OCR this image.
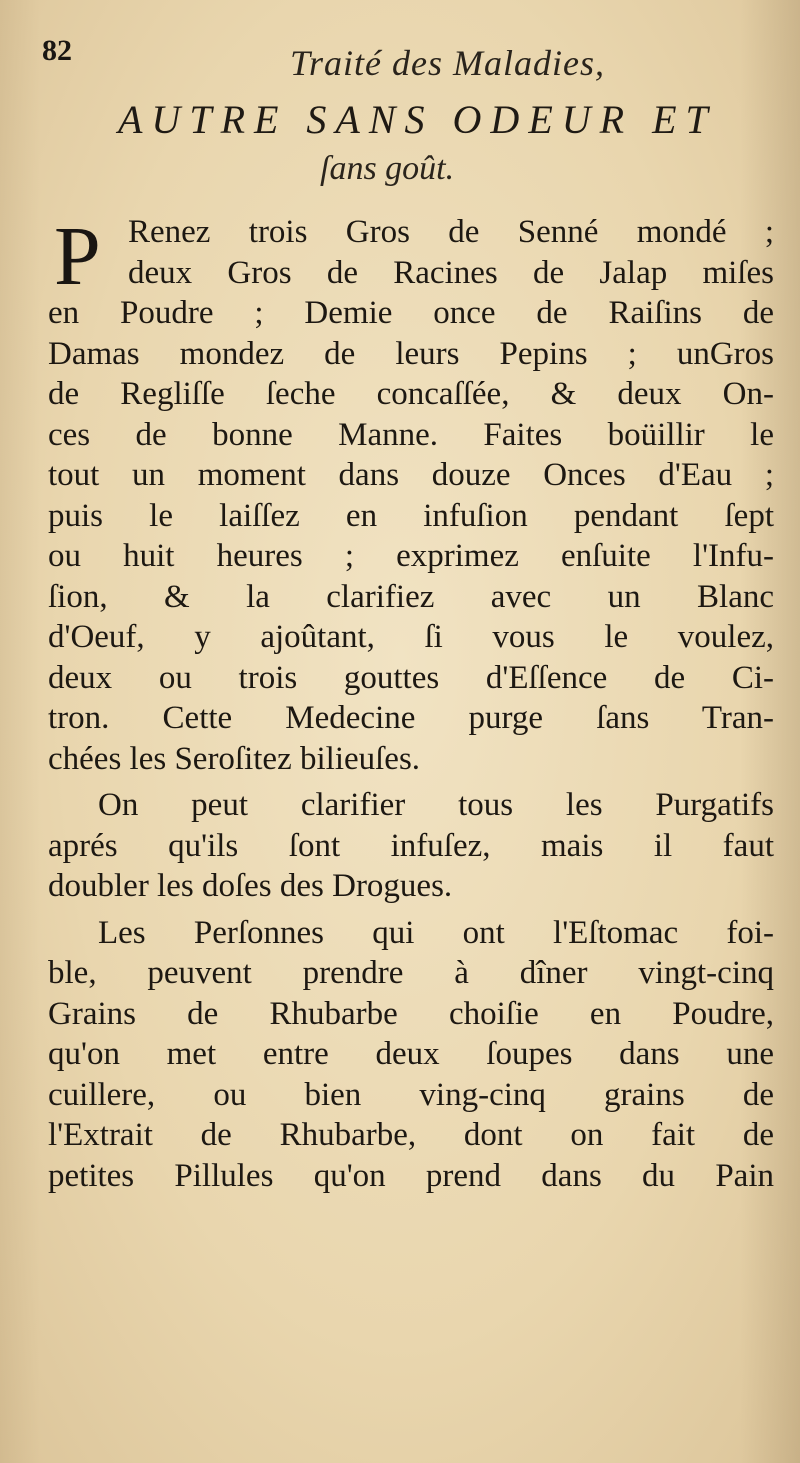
82	Traité des Maladies,
AUTRE SANS ODEUR ET
ſans goût.
P Renez trois Gros de Senné mondé ;
deux Gros de Racines de Jalap miſes
en Poudre ; Demie once de Raiſins de
Damas mondez de leurs Pepins ; unGros
de Regliſſe ſeche concaſſée, & deux On-
ces de bonne Manne. Faites boüillir le
tout un moment dans douze Onces d'Eau ;
puis le laiſſez en infuſion pendant ſept
ou huit heures ; exprimez enſuite l'Infu-
ſion, & la clarifiez avec un Blanc
d'Oeuf, y ajoûtant, ſi vous le voulez,
deux ou trois gouttes d'Eſſence de Ci-
tron. Cette Medecine purge ſans Tran-
chées les Seroſitez bilieuſes.
On peut clarifier tous les Purgatifs
aprés qu'ils ſont infuſez, mais il faut
doubler les doſes des Drogues.
Les Perſonnes qui ont l'Eſtomac foi-
ble, peuvent prendre à dîner vingt-cinq
Grains de Rhubarbe choiſie en Poudre,
qu'on met entre deux ſoupes dans une
cuillere, ou bien ving-cinq grains de
l'Extrait de Rhubarbe, dont on fait de
petites Pillules qu'on prend dans du Pain
